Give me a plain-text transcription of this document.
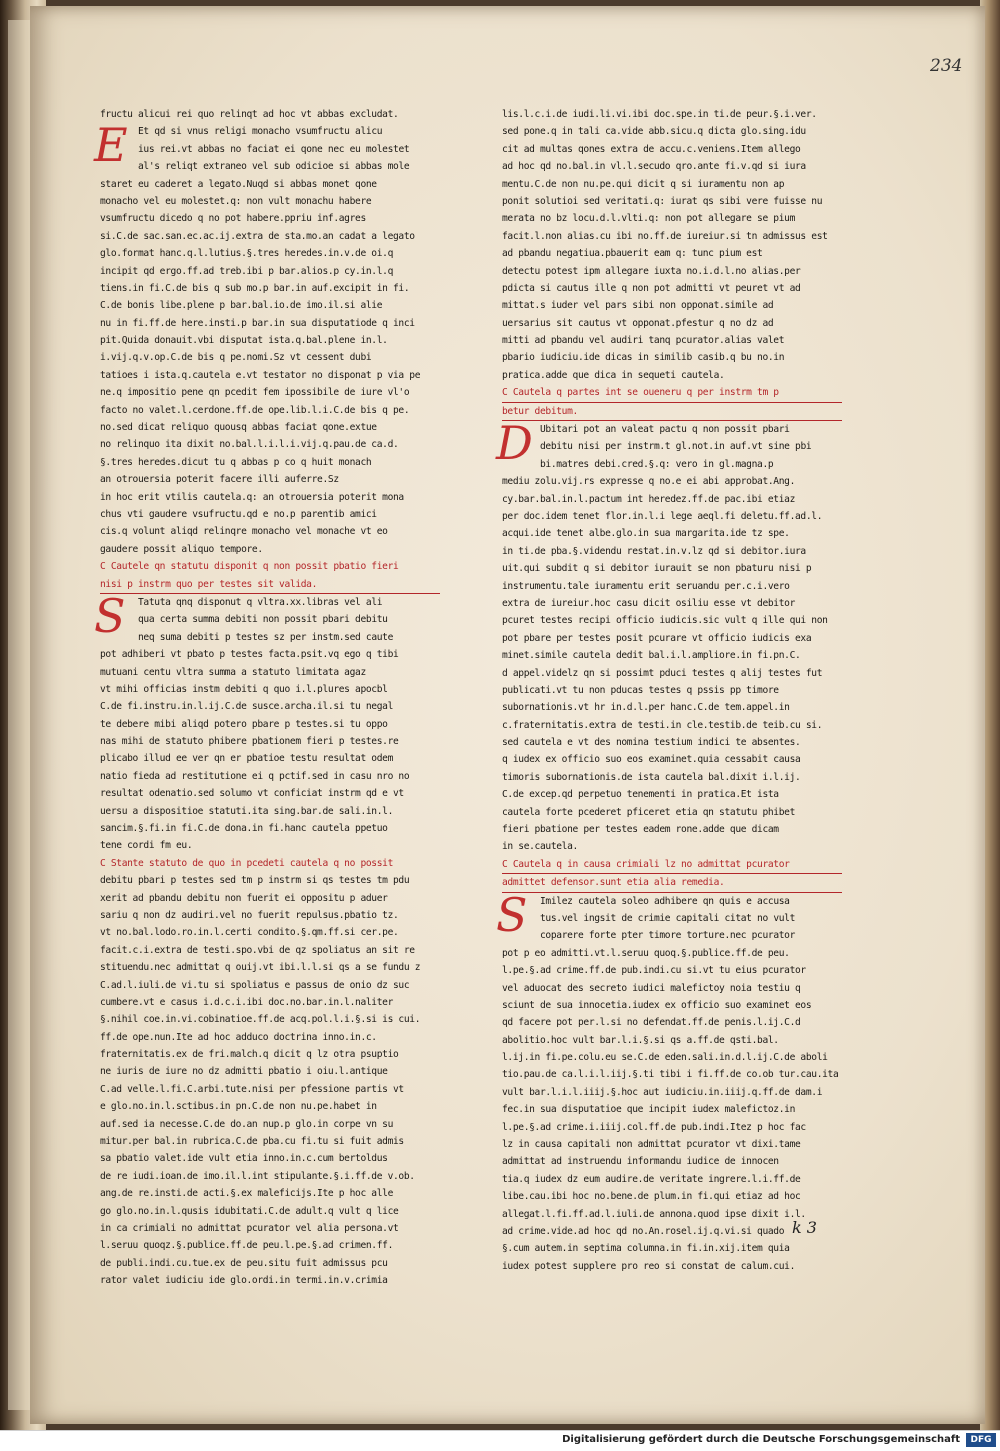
234
fructu alicui rei quo relinqt ad hoc vt abbas excludat.
E	Et qd si vnus religi monacho vsumfructu alicu
ius rei.vt abbas no faciat ei qone nec eu molestet
al's reliqt extraneo vel sub odicioe si abbas mole
staret eu caderet a legato.Nuqd si abbas monet qone
monacho vel eu molestet.q: non vult monachu habere
vsumfructu dicedo q no pot habere.ppriu inf.agres
si.C.de sac.san.ec.ac.ij.extra de sta.mo.an cadat a legato
glo.format hanc.q.l.lutius.§.tres heredes.in.v.de oi.q
incipit qd ergo.ff.ad treb.ibi p bar.alios.p cy.in.l.q
tiens.in fi.C.de bis q sub mo.p bar.in auf.excipit in fi.
C.de bonis libe.plene p bar.bal.io.de imo.il.si alie
nu in fi.ff.de here.insti.p bar.in sua disputatiode q inci
pit.Quida donauit.vbi disputat ista.q.bal.plene in.l.
i.vij.q.v.op.C.de bis q pe.nomi.Sz vt cessent dubi
tatioes i ista.q.cautela e.vt testator no disponat p via pe
ne.q impositio pene qn pcedit fem ipossibile de iure vl'o
facto no valet.l.cerdone.ff.de ope.lib.l.i.C.de bis q pe.
no.sed dicat reliquo quousq abbas faciat qone.extue
no relinquo ita dixit no.bal.l.i.l.i.vij.q.pau.de ca.d.
§.tres heredes.dicut tu q abbas p co q huit monach
an otrouersia poterit facere illi auferre.Sz
in hoc erit vtilis cautela.q: an otrouersia poterit mona
chus vti gaudere vsufructu.qd e no.p parentib amici
cis.q volunt aliqd relinqre monacho vel monache vt eo
gaudere possit aliquo tempore.
C Cautele qn statutu disponit q non possit pbatio fieri
nisi p instrm quo per testes sit valida.
S	Tatuta qnq disponut q vltra.xx.libras vel ali
qua certa summa debiti non possit pbari debitu
neq suma debiti p testes sz per instm.sed caute
pot adhiberi vt pbato p testes facta.psit.vq ego q tibi
mutuani centu vltra summa a statuto limitata agaz
vt mihi officias instm debiti q quo i.l.plures apocbl
C.de fi.instru.in.l.ij.C.de susce.archa.il.si tu negal
te debere mibi aliqd potero pbare p testes.si tu oppo
nas mihi de statuto phibere pbationem fieri p testes.re
plicabo illud ee ver qn er pbatioe testu resultat odem
natio fieda ad restitutione ei q pctif.sed in casu nro no
resultat odenatio.sed solumo vt conficiat instrm qd e vt
uersu a dispositioe statuti.ita sing.bar.de sali.in.l.
sancim.§.fi.in fi.C.de dona.in fi.hanc cautela ppetuo
tene cordi fm eu.
C Stante statuto de quo in pcedeti cautela q no possit
debitu pbari p testes sed tm p instrm si qs testes tm pdu
xerit ad pbandu debitu non fuerit ei oppositu p aduer
sariu q non dz audiri.vel no fuerit repulsus.pbatio tz.
vt no.bal.lodo.ro.in.l.certi condito.§.qm.ff.si cer.pe.
facit.c.i.extra de testi.spo.vbi de qz spoliatus an sit re
stituendu.nec admittat q ouij.vt ibi.l.l.si qs a se fundu z
C.ad.l.iuli.de vi.tu si spoliatus e passus de onio dz suc
cumbere.vt e casus i.d.c.i.ibi doc.no.bar.in.l.naliter
§.nihil coe.in.vi.cobinatioe.ff.de acq.pol.l.i.§.si is cui.
ff.de ope.nun.Ite ad hoc adduco doctrina inno.in.c.
fraternitatis.ex de fri.malch.q dicit q lz otra psuptio
ne iuris de iure no dz admitti pbatio i oiu.l.antique
C.ad velle.l.fi.C.arbi.tute.nisi per pfessione partis vt
e glo.no.in.l.sctibus.in pn.C.de non nu.pe.habet in
auf.sed ia necesse.C.de do.an nup.p glo.in corpe vn su
mitur.per bal.in rubrica.C.de pba.cu fi.tu si fuit admis
sa pbatio valet.ide vult etia inno.in.c.cum bertoldus
de re iudi.ioan.de imo.il.l.int stipulante.§.i.ff.de v.ob.
ang.de re.insti.de acti.§.ex maleficijs.Ite p hoc alle
go glo.no.in.l.qusis idubitati.C.de adult.q vult q lice
in ca crimiali no admittat pcurator vel alia persona.vt
l.seruu quoqz.§.publice.ff.de peu.l.pe.§.ad crimen.ff.
de publi.indi.cu.tue.ex de peu.situ fuit admissus pcu
rator valet iudiciu ide glo.ordi.in termi.in.v.crimia
lis.l.c.i.de iudi.li.vi.ibi doc.spe.in ti.de peur.§.i.ver.
sed pone.q in tali ca.vide abb.sicu.q dicta glo.sing.idu
cit ad multas qones extra de accu.c.veniens.Item allego
ad hoc qd no.bal.in vl.l.secudo qro.ante fi.v.qd si iura
mentu.C.de non nu.pe.qui dicit q si iuramentu non ap
ponit solutioi sed veritati.q: iurat qs sibi vere fuisse nu
merata no bz locu.d.l.vlti.q: non pot allegare se pium
facit.l.non alias.cu ibi no.ff.de iureiur.si tn admissus est
ad pbandu negatiua.pbauerit eam q: tunc pium est
detectu potest ipm allegare iuxta no.i.d.l.no alias.per
pdicta si cautus ille q non pot admitti vt peuret vt ad
mittat.s iuder vel pars sibi non opponat.simile ad
uersarius sit cautus vt opponat.pfestur q no dz ad
mitti ad pbandu vel audiri tanq pcurator.alias valet
pbario iudiciu.ide dicas in similib casib.q bu no.in
pratica.adde que dica in sequeti cautela.
C Cautela q partes int se oueneru q per instrm tm p
betur debitum.
D Ubitari pot an valeat pactu q non possit pbari
debitu nisi per instrm.t gl.not.in auf.vt sine pbi
bi.matres debi.cred.§.q: vero in gl.magna.p
mediu zolu.vij.rs expresse q no.e ei abi approbat.Ang.
cy.bar.bal.in.l.pactum int heredez.ff.de pac.ibi etiaz
per doc.idem tenet flor.in.l.i lege aeql.fi deletu.ff.ad.l.
acqui.ide tenet albe.glo.in sua margarita.ide tz spe.
in ti.de pba.§.videndu restat.in.v.lz qd si debitor.iura
uit.qui subdit q si debitor iurauit se non pbaturu nisi p
instrumentu.tale iuramentu erit seruandu per.c.i.vero
extra de iureiur.hoc casu dicit osiliu esse vt debitor
pcuret testes recipi officio iudicis.sic vult q ille qui non
pot pbare per testes posit pcurare vt officio iudicis exa
minet.simile cautela dedit bal.i.l.ampliore.in fi.pn.C.
d appel.videlz qn si possimt pduci testes q alij testes fut
publicati.vt tu non pducas testes q pssis pp timore
subornationis.vt hr in.d.l.per hanc.C.de tem.appel.in
c.fraternitatis.extra de testi.in cle.testib.de teib.cu si.
sed cautela e vt des nomina testium indici te absentes.
q iudex ex officio suo eos examinet.quia cessabit causa
timoris subornationis.de ista cautela bal.dixit i.l.ij.
C.de excep.qd perpetuo tenementi in pratica.Et ista
cautela forte pcederet pficeret etia qn statutu phibet
fieri pbatione per testes eadem rone.adde que dicam
in se.cautela.
C Cautela q in causa crimiali lz no admittat pcurator
admittet defensor.sunt etia alia remedia.
S	Imilez cautela soleo adhibere qn quis e accusa
tus.vel ingsit de crimie capitali citat no vult
coparere forte pter timore torture.nec pcurator
pot p eo admitti.vt.l.seruu quoq.§.publice.ff.de peu.
l.pe.§.ad crime.ff.de pub.indi.cu si.vt tu eius pcurator
vel aduocat des secreto iudici malefictoy noia testiu q
sciunt de sua innocetia.iudex ex officio suo examinet eos
qd facere pot per.l.si no defendat.ff.de penis.l.ij.C.d
abolitio.hoc vult bar.l.i.§.si qs a.ff.de qsti.bal.
l.ij.in fi.pe.colu.eu se.C.de eden.sali.in.d.l.ij.C.de aboli
tio.pau.de ca.l.i.l.iij.§.ti tibi i fi.ff.de co.ob tur.cau.ita
vult bar.l.i.l.iiij.§.hoc aut iudiciu.in.iiij.q.ff.de dam.i
fec.in sua disputatioe que incipit iudex malefictoz.in
l.pe.§.ad crime.i.iiij.col.ff.de pub.indi.Itez p hoc fac
lz in causa capitali non admittat pcurator vt dixi.tame
admittat ad instruendu informandu iudice de innocen
tia.q iudex dz eum audire.de veritate ingrere.l.i.ff.de
libe.cau.ibi hoc no.bene.de plum.in fi.qui etiaz ad hoc
allegat.l.fi.ff.ad.l.iuli.de annona.quod ipse dixit i.l.
ad crime.vide.ad hoc qd no.An.rosel.ij.q.vi.si quado
§.cum autem.in septima columna.in fi.in.xij.item quia
iudex potest supplere pro reo si constat de calum.cui.
k 3
Digitalisierung gefördert durch die Deutsche Forschungsgemeinschaft	DFG
